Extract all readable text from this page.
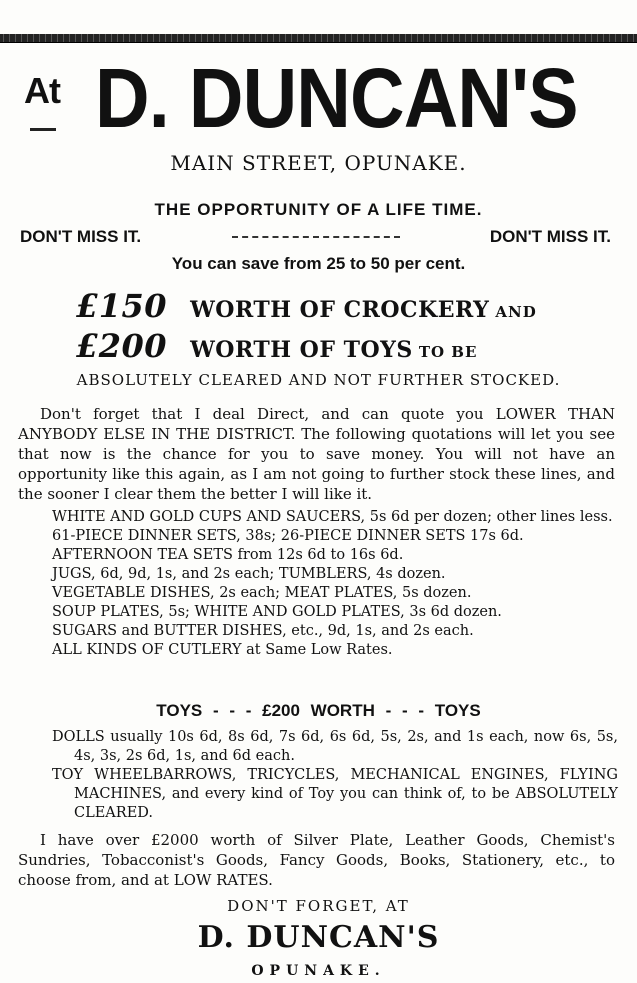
At D. DUNCAN'S
MAIN STREET, OPUNAKE.
THE OPPORTUNITY OF A LIFE TIME.
DON'T MISS IT.	DON'T MISS IT.
You can save from 25 to 50 per cent.
£150 WORTH OF CROCKERY AND
£200 WORTH OF TOYS TO BE
ABSOLUTELY CLEARED AND NOT FURTHER STOCKED.
Don't forget that I deal Direct, and can quote you LOWER THAN ANYBODY ELSE IN THE DISTRICT. The following quotations will let you see that now is the chance for you to save money. You will not have an opportunity like this again, as I am not going to further stock these lines, and the sooner I clear them the better I will like it.
WHITE AND GOLD CUPS AND SAUCERS, 5s 6d per dozen; other lines less.
61-PIECE DINNER SETS, 38s; 26-PIECE DINNER SETS 17s 6d.
AFTERNOON TEA SETS from 12s 6d to 16s 6d.
JUGS, 6d, 9d, 1s, and 2s each; TUMBLERS, 4s dozen.
VEGETABLE DISHES, 2s each; MEAT PLATES, 5s dozen.
SOUP PLATES, 5s; WHITE AND GOLD PLATES, 3s 6d dozen.
SUGARS and BUTTER DISHES, etc., 9d, 1s, and 2s each.
ALL KINDS OF CUTLERY at Same Low Rates.
TOYS - - - £200 WORTH - - - TOYS
DOLLS usually 10s 6d, 8s 6d, 7s 6d, 6s 6d, 5s, 2s, and 1s each, now 6s, 5s, 4s, 3s, 2s 6d, 1s, and 6d each.
TOY WHEELBARROWS, TRICYCLES, MECHANICAL ENGINES, FLYING MACHINES, and every kind of Toy you can think of, to be ABSOLUTELY CLEARED.
I have over £2000 worth of Silver Plate, Leather Goods, Chemist's Sundries, Tobacconist's Goods, Fancy Goods, Books, Stationery, etc., to choose from, and at LOW RATES.
DON'T FORGET, AT
D. DUNCAN'S
OPUNAKE.
